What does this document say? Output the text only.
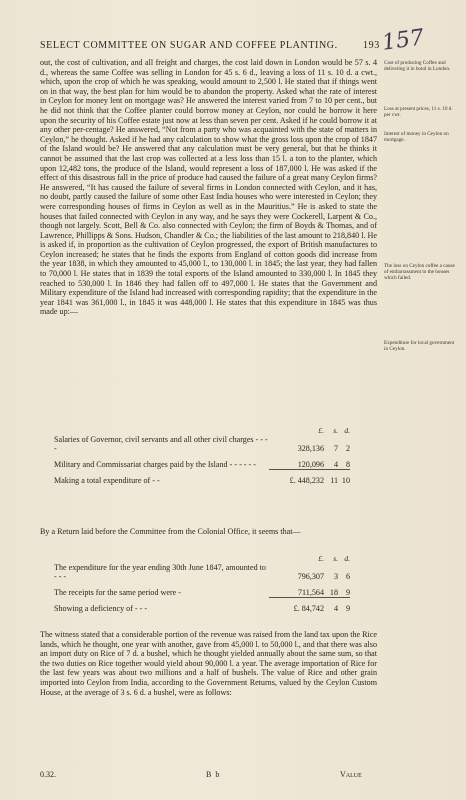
SELECT COMMITTEE ON SUGAR AND COFFEE PLANTING.	193 157

out, the cost of cultivation, and all freight and charges, the cost laid down in London would be 57 s. 4 d., whereas the same Coffee was selling in London for 45 s. 6 d., leaving a loss of 11 s. 10 d. a cwt., which, upon the crop of which he was speaking, would amount to 2,500 l. He stated that if things went on in that way, the best plan for him would be to abandon the property. Asked what the rate of interest in Ceylon for money lent on mortgage was? He answered the interest varied from 7 to 10 per cent., but he did not think that the Coffee planter could borrow money at Ceylon, nor could he borrow it here upon the security of his Coffee estate just now at less than seven per cent. Asked if he could borrow it at any other per-centage? He answered, “Not from a party who was acquainted with the state of matters in Ceylon,” he thought. Asked if he had any calculation to show what the gross loss upon the crop of 1847 of the Island would be? He answered that any calculation must be very general, but that he thinks it cannot be assumed that the last crop was collected at a less loss than 15 l. a ton to the planter, which upon 12,482 tons, the produce of the Island, would represent a loss of 187,000 l. He was asked if the effect of this disastrous fall in the price of produce had caused the failure of a great many Ceylon firms? He answered, “It has caused the failure of several firms in London connected with Ceylon, and it has, no doubt, partly caused the failure of some other East India houses who were interested in Ceylon; they were corresponding houses of firms in Ceylon as well as in the Mauritius.” He is asked to state the houses that failed connected with Ceylon in any way, and he says they were Cockerell, Larpent & Co., though not largely. Scott, Bell & Co. also connected with Ceylon; the firm of Boyds & Thomas, and of Lawrence, Phillipps & Sons. Hudson, Chandler & Co.; the liabilities of the last amount to 218,840 l. He is asked if, in proportion as the cultivation of Ceylon progressed, the export of British manufactures to Ceylon increased; he states that he finds the exports from England of cotton goods did increase from the year 1838, in which they amounted to 45,000 l., to 130,000 l. in 1845; the last year, they had fallen to 70,000 l. He states that in 1839 the total exports of the Island amounted to 330,000 l. In 1845 they reached to 530,000 l. In 1846 they had fallen off to 497,000 l. He states that the Government and Military expenditure of the Island had increased with corresponding rapidity; that the expenditure in the year 1841 was 361,000 l., in 1845 it was 448,000 l. He states that this expenditure in 1845 was thus made up:—

Cost of producing Coffee and delivering it in bond in London.
Loss at present prices, 11 s. 10 d. per cwt.
Interest of money in Ceylon on mortgage.
The loss on Ceylon coffee a cause of embarrassment to the houses which failed.
Expenditure for local government in Ceylon.
	£.	s.	d.
Salaries of Governor, civil servants and all other civil charges - - - -	328,136	7	2
Military and Commissariat charges paid by the Island - - - - - -	120,096	4	8
Making a total expenditure of - -	£. 448,232	11	10

By a Return laid before the Committee from the Colonial Office, it seems that—

	£.	s.	d.
The expenditure for the year ending 30th June 1847, amounted to - - -	796,307	3	6
The receipts for the same period were -	711,564	18	9
Showing a deficiency of - - -	£. 84,742	4	9

The witness stated that a considerable portion of the revenue was raised from the land tax upon the Rice lands, which he thought, one year with another, gave from 45,000 l. to 50,000 l., and that there was also an import duty on Rice of 7 d. a bushel, which he thought yielded annually about the same sum, so that the two duties on Rice together would yield about 90,000 l. a year. The average importation of Rice for the last few years was about two millions and a half of bushels. The value of Rice and other grain imported into Ceylon from India, according to the Government Returns, valued by the Ceylon Custom House, at the average of 3 s. 6 d. a bushel, were as follows:

0.32.	B b	Value
